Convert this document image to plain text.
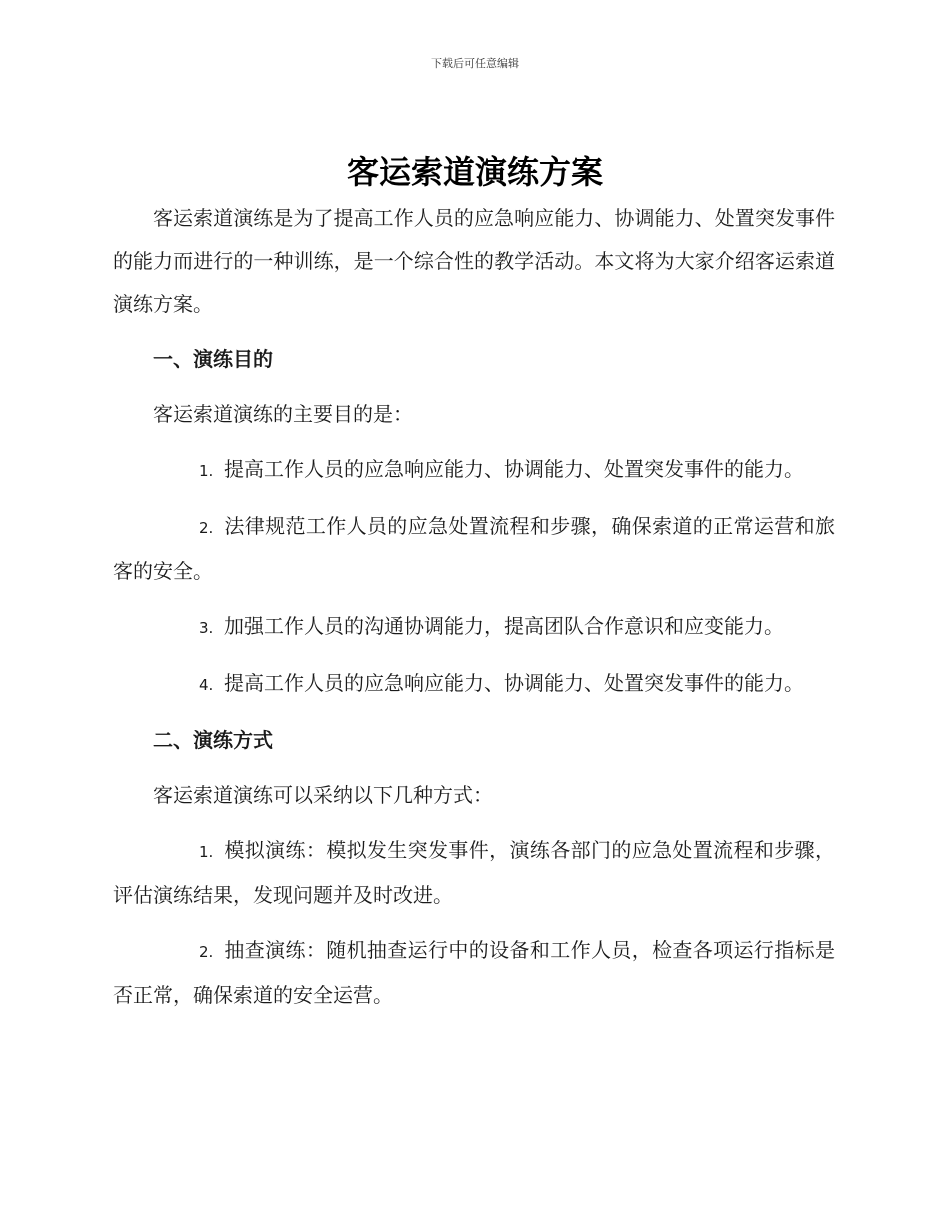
下载后可任意编辑
客运索道演练方案

客运索道演练是为了提高工作人员的应急响应能力、协调能力、处置突发事件的能力而进行的一种训练，是一个综合性的教学活动。本文将为大家介绍客运索道演练方案。

一、演练目的

客运索道演练的主要目的是：

1. 提高工作人员的应急响应能力、协调能力、处置突发事件的能力。

2. 法律规范工作人员的应急处置流程和步骤，确保索道的正常运营和旅客的安全。

3. 加强工作人员的沟通协调能力，提高团队合作意识和应变能力。

4. 提高工作人员的应急响应能力、协调能力、处置突发事件的能力。

二、演练方式

客运索道演练可以采纳以下几种方式：

1. 模拟演练：模拟发生突发事件，演练各部门的应急处置流程和步骤，评估演练结果，发现问题并及时改进。

2. 抽查演练：随机抽查运行中的设备和工作人员，检查各项运行指标是否正常，确保索道的安全运营。
